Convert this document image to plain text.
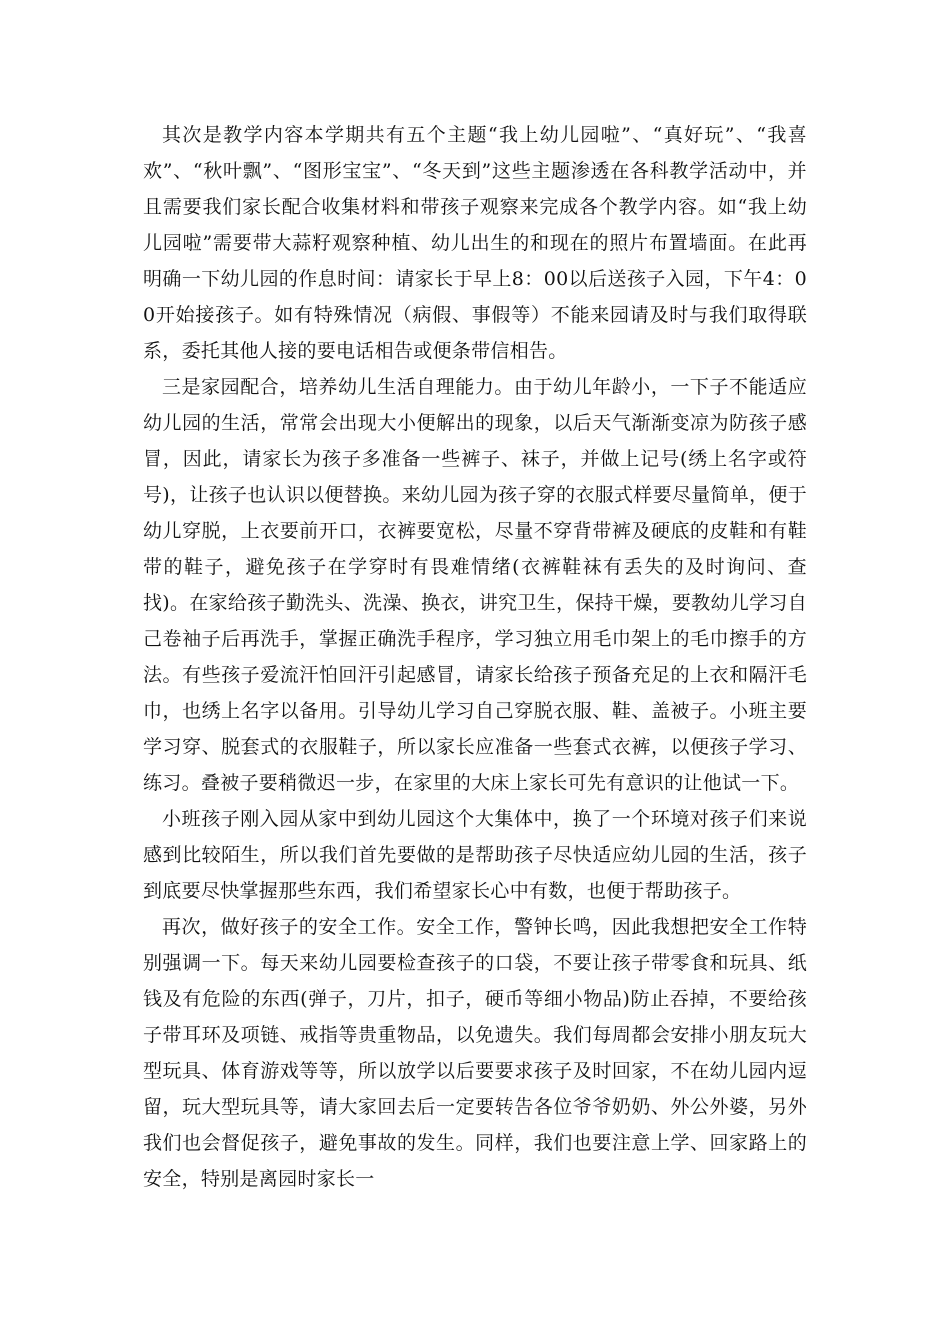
其次是教学内容本学期共有五个主题“我上幼儿园啦”、“真好玩”、“我喜欢”、“秋叶飘”、“图形宝宝”、“冬天到”这些主题渗透在各科教学活动中，并且需要我们家长配合收集材料和带孩子观察来完成各个教学内容。如“我上幼儿园啦”需要带大蒜籽观察种植、幼儿出生的和现在的照片布置墙面。在此再明确一下幼儿园的作息时间：请家长于早上8：00以后送孩子入园，下午4：00开始接孩子。如有特殊情况（病假、事假等）不能来园请及时与我们取得联系，委托其他人接的要电话相告或便条带信相告。

三是家园配合，培养幼儿生活自理能力。由于幼儿年龄小，一下子不能适应幼儿园的生活，常常会出现大小便解出的现象，以后天气渐渐变凉为防孩子感冒，因此，请家长为孩子多准备一些裤子、袜子，并做上记号(绣上名字或符号)，让孩子也认识以便替换。来幼儿园为孩子穿的衣服式样要尽量简单，便于幼儿穿脱，上衣要前开口，衣裤要宽松，尽量不穿背带裤及硬底的皮鞋和有鞋带的鞋子，避免孩子在学穿时有畏难情绪(衣裤鞋袜有丢失的及时询问、查找)。在家给孩子勤洗头、洗澡、换衣，讲究卫生，保持干燥，要教幼儿学习自己卷袖子后再洗手，掌握正确洗手程序，学习独立用毛巾架上的毛巾擦手的方法。有些孩子爱流汗怕回汗引起感冒，请家长给孩子预备充足的上衣和隔汗毛巾，也绣上名字以备用。引导幼儿学习自己穿脱衣服、鞋、盖被子。小班主要学习穿、脱套式的衣服鞋子，所以家长应准备一些套式衣裤，以便孩子学习、练习。叠被子要稍微迟一步，在家里的大床上家长可先有意识的让他试一下。

小班孩子刚入园从家中到幼儿园这个大集体中，换了一个环境对孩子们来说感到比较陌生，所以我们首先要做的是帮助孩子尽快适应幼儿园的生活，孩子到底要尽快掌握那些东西，我们希望家长心中有数，也便于帮助孩子。

再次，做好孩子的安全工作。安全工作，警钟长鸣，因此我想把安全工作特别强调一下。每天来幼儿园要检查孩子的口袋，不要让孩子带零食和玩具、纸钱及有危险的东西(弹子，刀片，扣子，硬币等细小物品)防止吞掉，不要给孩子带耳环及项链、戒指等贵重物品，以免遗失。我们每周都会安排小朋友玩大型玩具、体育游戏等等，所以放学以后要要求孩子及时回家，不在幼儿园内逗留，玩大型玩具等，请大家回去后一定要转告各位爷爷奶奶、外公外婆，另外我们也会督促孩子，避免事故的发生。同样，我们也要注意上学、回家路上的安全，特别是离园时家长一
